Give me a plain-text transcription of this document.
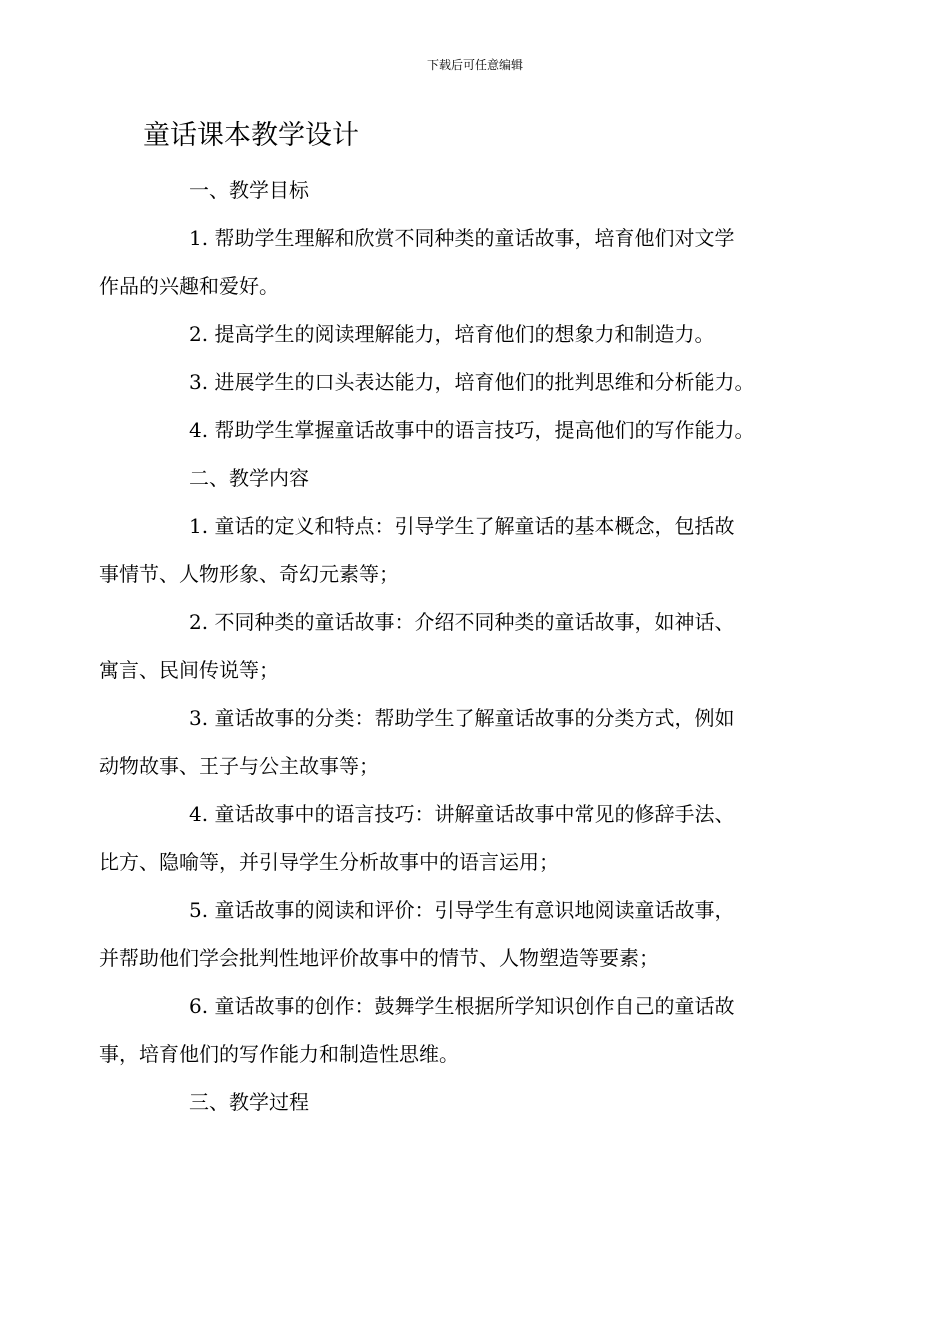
下载后可任意编辑
童话课本教学设计

一、教学目标

1. 帮助学生理解和欣赏不同种类的童话故事，培育他们对文学
作品的兴趣和爱好。

2. 提高学生的阅读理解能力，培育他们的想象力和制造力。

3. 进展学生的口头表达能力，培育他们的批判思维和分析能力。

4. 帮助学生掌握童话故事中的语言技巧，提高他们的写作能力。

二、教学内容

1. 童话的定义和特点：引导学生了解童话的基本概念，包括故
事情节、人物形象、奇幻元素等；

2. 不同种类的童话故事：介绍不同种类的童话故事，如神话、
寓言、民间传说等；

3. 童话故事的分类：帮助学生了解童话故事的分类方式，例如
动物故事、王子与公主故事等；

4. 童话故事中的语言技巧：讲解童话故事中常见的修辞手法、
比方、隐喻等，并引导学生分析故事中的语言运用；

5. 童话故事的阅读和评价：引导学生有意识地阅读童话故事，
并帮助他们学会批判性地评价故事中的情节、人物塑造等要素；

6. 童话故事的创作：鼓舞学生根据所学知识创作自己的童话故
事，培育他们的写作能力和制造性思维。

三、教学过程
